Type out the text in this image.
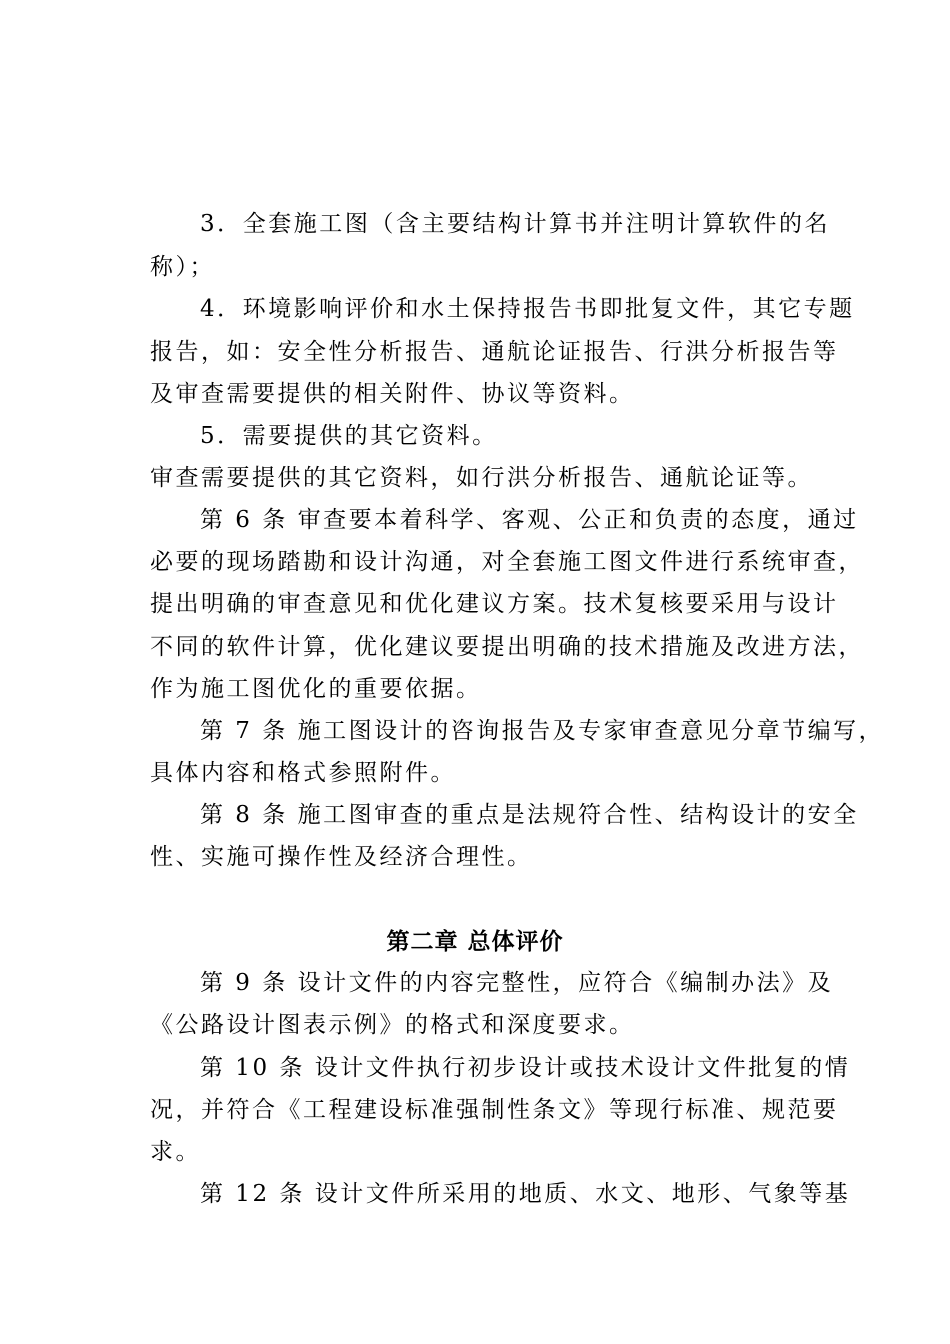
3．全套施工图（含主要结构计算书并注明计算软件的名
称）；
4．环境影响评价和水土保持报告书即批复文件，其它专题
报告，如：安全性分析报告、通航论证报告、行洪分析报告等
及审查需要提供的相关附件、协议等资料。
5．需要提供的其它资料。
审查需要提供的其它资料，如行洪分析报告、通航论证等。
第 6 条 审查要本着科学、客观、公正和负责的态度，通过
必要的现场踏勘和设计沟通，对全套施工图文件进行系统审查，
提出明确的审查意见和优化建议方案。技术复核要采用与设计
不同的软件计算，优化建议要提出明确的技术措施及改进方法，
作为施工图优化的重要依据。
第 7 条 施工图设计的咨询报告及专家审查意见分章节编写，
具体内容和格式参照附件。
第 8 条 施工图审查的重点是法规符合性、结构设计的安全
性、实施可操作性及经济合理性。
第二章 总体评价
第 9 条 设计文件的内容完整性，应符合《编制办法》及
《公路设计图表示例》的格式和深度要求。
第 10 条 设计文件执行初步设计或技术设计文件批复的情
况，并符合《工程建设标准强制性条文》等现行标准、规范要
求。
第 12 条 设计文件所采用的地质、水文、地形、气象等基
